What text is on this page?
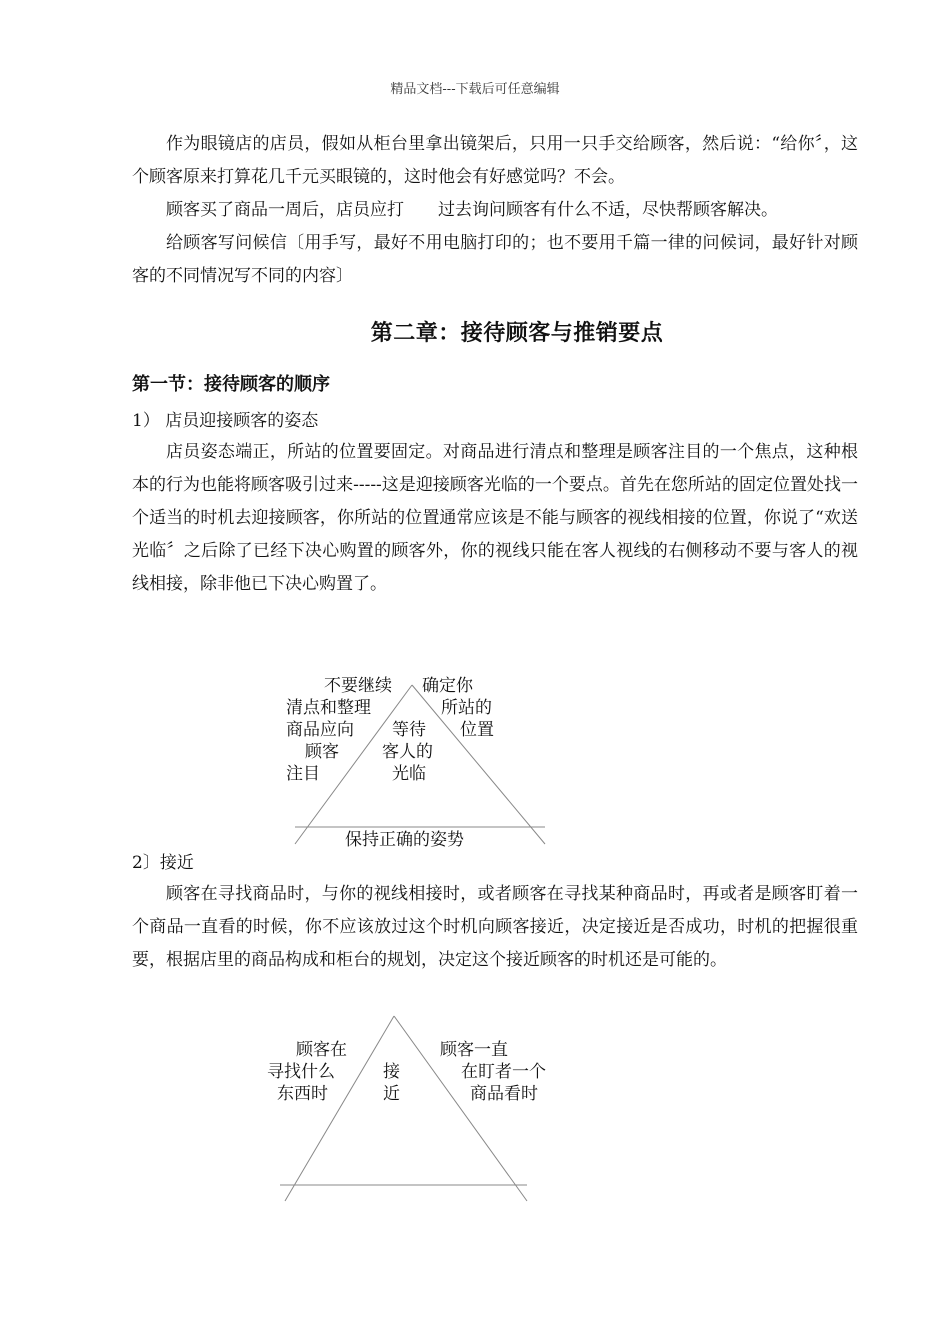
精品文档---下载后可任意编辑

作为眼镜店的店员，假如从柜台里拿出镜架后，只用一只手交给顾客，然后说：“给你〞，这个顾客原来打算花几千元买眼镜的，这时他会有好感觉吗？不会。

顾客买了商品一周后，店员应打　　过去询问顾客有什么不适，尽快帮顾客解决。

给顾客写问候信〔用手写，最好不用电脑打印的；也不要用千篇一律的问候词，最好针对顾客的不同情况写不同的内容〕

第二章：接待顾客与推销要点
第一节：接待顾客的顺序
1） 店员迎接顾客的姿态

店员姿态端正，所站的位置要固定。对商品进行清点和整理是顾客注目的一个焦点，这种根本的行为也能将顾客吸引过来-----这是迎接顾客光临的一个要点。首先在您所站的固定位置处找一个适当的时机去迎接顾客，你所站的位置通常应该是不能与顾客的视线相接的位置，你说了“欢送光临〞之后除了已经下决心购置的顾客外，你的视线只能在客人视线的右侧移动不要与客人的视线相接，除非他已下决心购置了。

不要继续
清点和整理
商品应向
顾客
注目
确定你
所站的
位置
等待
客人的
光临
保持正确的姿势
2〕接近

顾客在寻找商品时，与你的视线相接时，或者顾客在寻找某种商品时，再或者是顾客盯着一个商品一直看的时候，你不应该放过这个时机向顾客接近，决定接近是否成功，时机的把握很重要，根据店里的商品构成和柜台的规划，决定这个接近顾客的时机还是可能的。

顾客在
寻找什么
东西时
接
近
顾客一直
在盯者一个
商品看时
